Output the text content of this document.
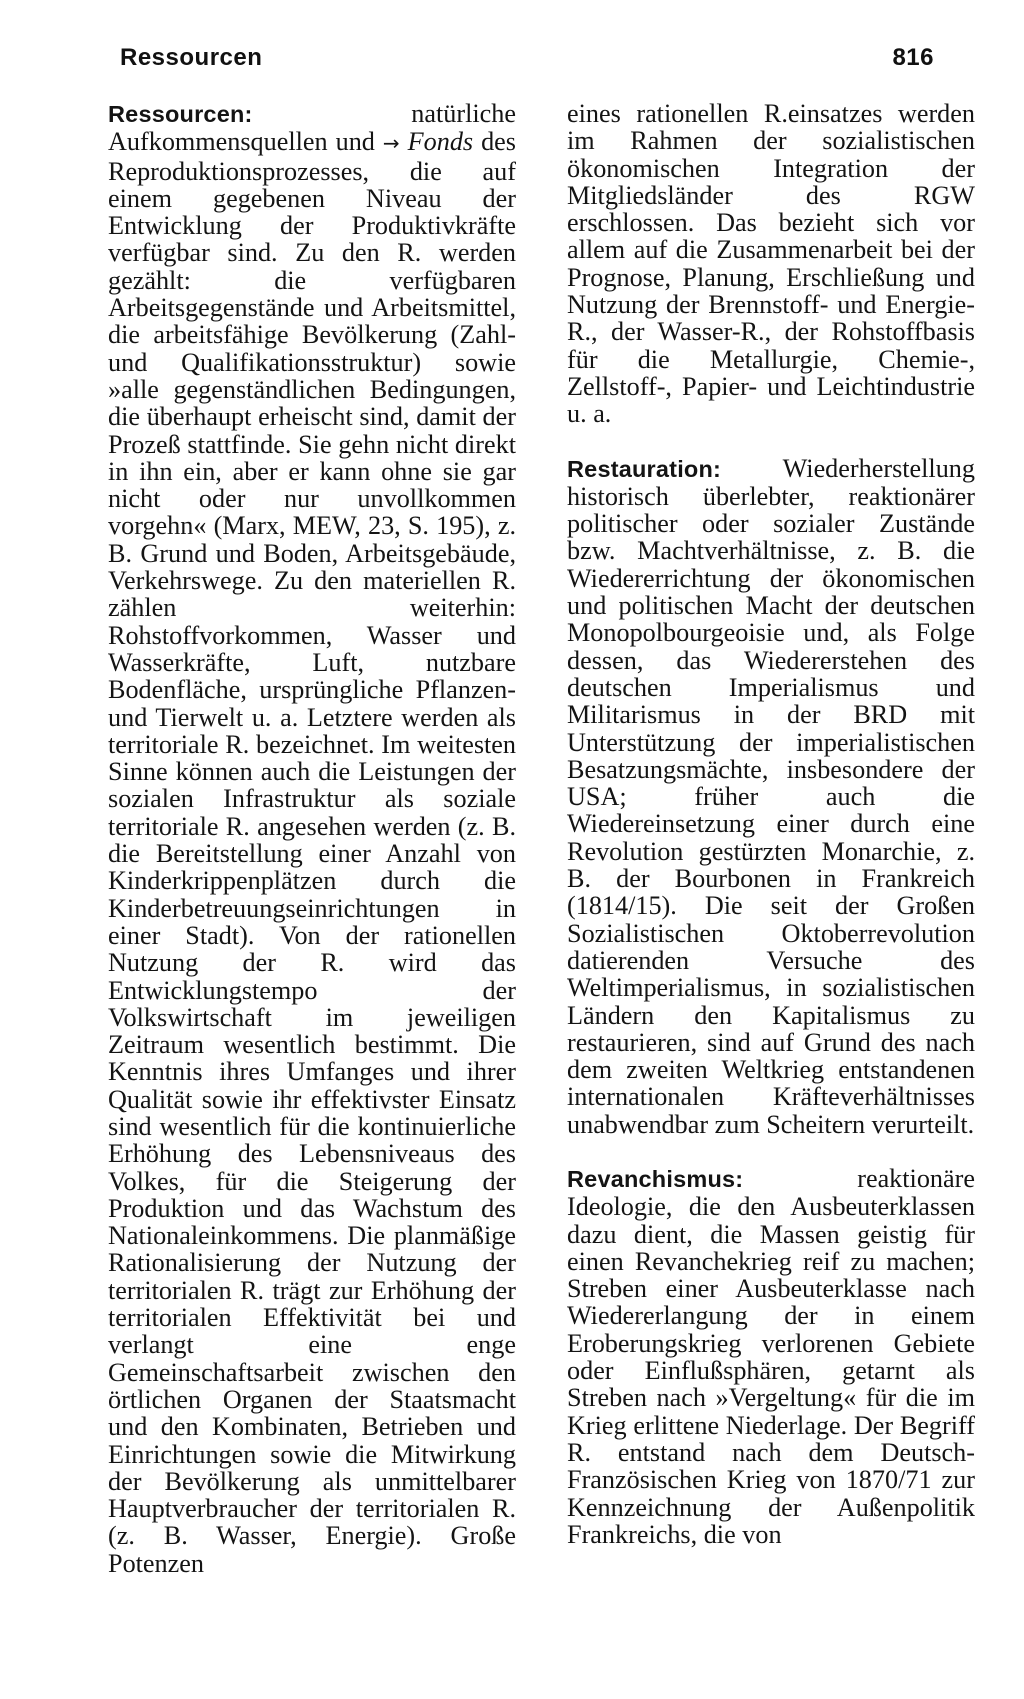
Ressourcen	816

Ressourcen: natürliche Aufkommensquellen und → Fonds des Reproduktionsprozesses, die auf einem gegebenen Niveau der Entwicklung der Produktivkräfte verfügbar sind. Zu den R. werden gezählt: die verfügbaren Arbeitsgegenstände und Arbeitsmittel, die arbeitsfähige Bevölkerung (Zahl- und Qualifikationsstruktur) sowie »alle gegenständlichen Bedingungen, die überhaupt erheischt sind, damit der Prozeß stattfinde. Sie gehn nicht direkt in ihn ein, aber er kann ohne sie gar nicht oder nur unvollkommen vorgehn« (Marx, MEW, 23, S. 195), z. B. Grund und Boden, Arbeitsgebäude, Verkehrswege. Zu den materiellen R. zählen weiterhin: Rohstoffvorkommen, Wasser und Wasserkräfte, Luft, nutzbare Bodenfläche, ursprüngliche Pflanzen- und Tierwelt u. a. Letztere werden als territoriale R. bezeichnet. Im weitesten Sinne können auch die Leistungen der sozialen Infrastruktur als soziale territoriale R. angesehen werden (z. B. die Bereitstellung einer Anzahl von Kinderkrippenplätzen durch die Kinderbetreuungseinrichtungen in einer Stadt). Von der rationellen Nutzung der R. wird das Entwicklungstempo der Volkswirtschaft im jeweiligen Zeitraum wesentlich bestimmt. Die Kenntnis ihres Umfanges und ihrer Qualität sowie ihr effektivster Einsatz sind wesentlich für die kontinuierliche Erhöhung des Lebensniveaus des Volkes, für die Steigerung der Produktion und das Wachstum des Nationaleinkommens. Die planmäßige Rationalisierung der Nutzung der territorialen R. trägt zur Erhöhung der territorialen Effektivität bei und verlangt eine enge Gemeinschaftsarbeit zwischen den örtlichen Organen der Staatsmacht und den Kombinaten, Betrieben und Einrichtungen sowie die Mitwirkung der Bevölkerung als unmittelbarer Hauptverbraucher der territorialen R. (z. B. Wasser, Energie). Große Potenzen

eines rationellen R.einsatzes werden im Rahmen der sozialistischen ökonomischen Integration der Mitgliedsländer des RGW erschlossen. Das bezieht sich vor allem auf die Zusammenarbeit bei der Prognose, Planung, Erschließung und Nutzung der Brennstoff- und Energie-R., der Wasser-R., der Rohstoffbasis für die Metallurgie, Chemie-, Zellstoff-, Papier- und Leichtindustrie u. a.

Restauration: Wiederherstellung historisch überlebter, reaktionärer politischer oder sozialer Zustände bzw. Machtverhältnisse, z. B. die Wiedererrichtung der ökonomischen und politischen Macht der deutschen Monopolbourgeoisie und, als Folge dessen, das Wiedererstehen des deutschen Imperialismus und Militarismus in der BRD mit Unterstützung der imperialistischen Besatzungsmächte, insbesondere der USA; früher auch die Wiedereinsetzung einer durch eine Revolution gestürzten Monarchie, z. B. der Bourbonen in Frankreich (1814/15). Die seit der Großen Sozialistischen Oktoberrevolution datierenden Versuche des Weltimperialismus, in sozialistischen Ländern den Kapitalismus zu restaurieren, sind auf Grund des nach dem zweiten Weltkrieg entstandenen internationalen Kräfteverhältnisses unabwendbar zum Scheitern verurteilt.

Revanchismus: reaktionäre Ideologie, die den Ausbeuterklassen dazu dient, die Massen geistig für einen Revanchekrieg reif zu machen; Streben einer Ausbeuterklasse nach Wiedererlangung der in einem Eroberungskrieg verlorenen Gebiete oder Einflußsphären, getarnt als Streben nach »Vergeltung« für die im Krieg erlittene Niederlage. Der Begriff R. entstand nach dem Deutsch-Französischen Krieg von 1870/71 zur Kennzeichnung der Außenpolitik Frankreichs, die von
